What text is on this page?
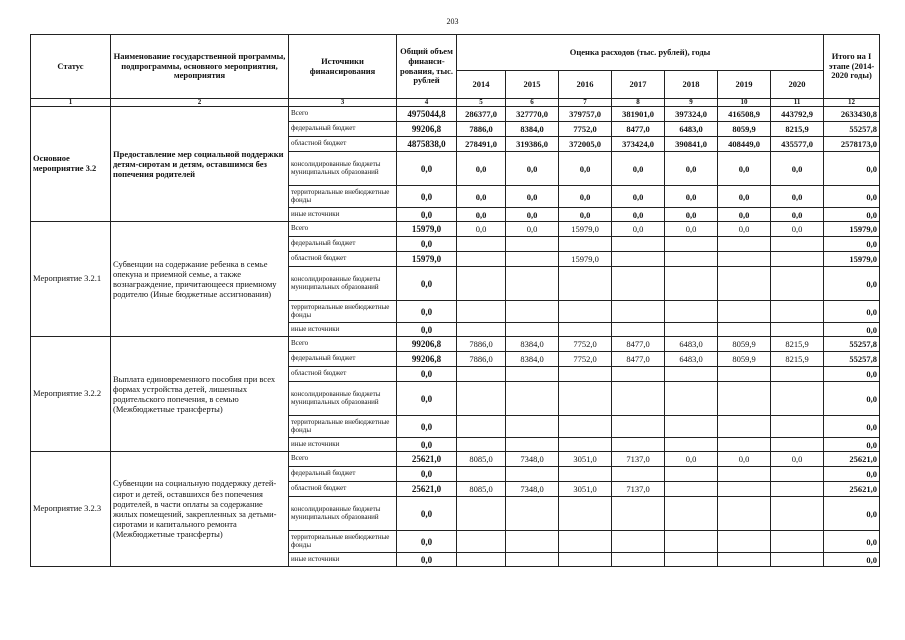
203
Статус	Наименование государственной программы, подпрограммы, основного мероприятия, мероприятия	Источники финансирования	Общий объем финанси-рования, тыс. рублей	Оценка расходов (тыс. рублей), годы							Итого на I этапе (2014-2020 годы)
				2014	2015	2016	2017	2018	2019	2020	
1	2	3	4	5	6	7	8	9	10	11	12
Основное мероприятие 3.2	Предоставление мер социальной поддержки детям-сиротам и детям, оставшимся без попечения родителей	Всего	4975044,8	286377,0	327770,0	379757,0	381901,0	397324,0	416508,9	443792,9	2633430,8
		федеральный бюджет	99206,8	7886,0	8384,0	7752,0	8477,0	6483,0	8059,9	8215,9	55257,8
		областной бюджет	4875838,0	278491,0	319386,0	372005,0	373424,0	390841,0	408449,0	435577,0	2578173,0
		консолидированные бюджеты муниципальных образований	0,0	0,0	0,0	0,0	0,0	0,0	0,0	0,0	0,0
		территориальные внебюджетные фонды	0,0	0,0	0,0	0,0	0,0	0,0	0,0	0,0	0,0
		иные источники	0,0	0,0	0,0	0,0	0,0	0,0	0,0	0,0	0,0
Мероприятие 3.2.1	Субвенции на содержание ребенка в семье опекуна и приемной семье, а также вознаграждение, причитающееся приемному родителю (Иные бюджетные ассигнования)	Всего	15979,0	0,0	0,0	15979,0	0,0	0,0	0,0	0,0	15979,0
		федеральный бюджет	0,0								0,0
		областной бюджет	15979,0			15979,0					15979,0
		консолидированные бюджеты муниципальных образований	0,0								0,0
		территориальные внебюджетные фонды	0,0								0,0
		иные источники	0,0								0,0
Мероприятие 3.2.2	Выплата единовременного пособия при всех формах устройства детей, лишенных родительского попечения, в семью (Межбюджетные трансферты)	Всего	99206,8	7886,0	8384,0	7752,0	8477,0	6483,0	8059,9	8215,9	55257,8
		федеральный бюджет	99206,8	7886,0	8384,0	7752,0	8477,0	6483,0	8059,9	8215,9	55257,8
		областной бюджет	0,0								0,0
		консолидированные бюджеты муниципальных образований	0,0								0,0
		территориальные внебюджетные фонды	0,0								0,0
		иные источники	0,0								0,0
Мероприятие 3.2.3	Субвенции на социальную поддержку детей-сирот и детей, оставшихся без попечения родителей, в части оплаты за содержание жилых помещений, закрепленных за детьми-сиротами и капитального ремонта (Межбюджетные трансферты)	Всего	25621,0	8085,0	7348,0	3051,0	7137,0	0,0	0,0	0,0	25621,0
		федеральный бюджет	0,0								0,0
		областной бюджет	25621,0	8085,0	7348,0	3051,0	7137,0				25621,0
		консолидированные бюджеты муниципальных образований	0,0								0,0
		территориальные внебюджетные фонды	0,0								0,0
		иные источники	0,0								0,0
